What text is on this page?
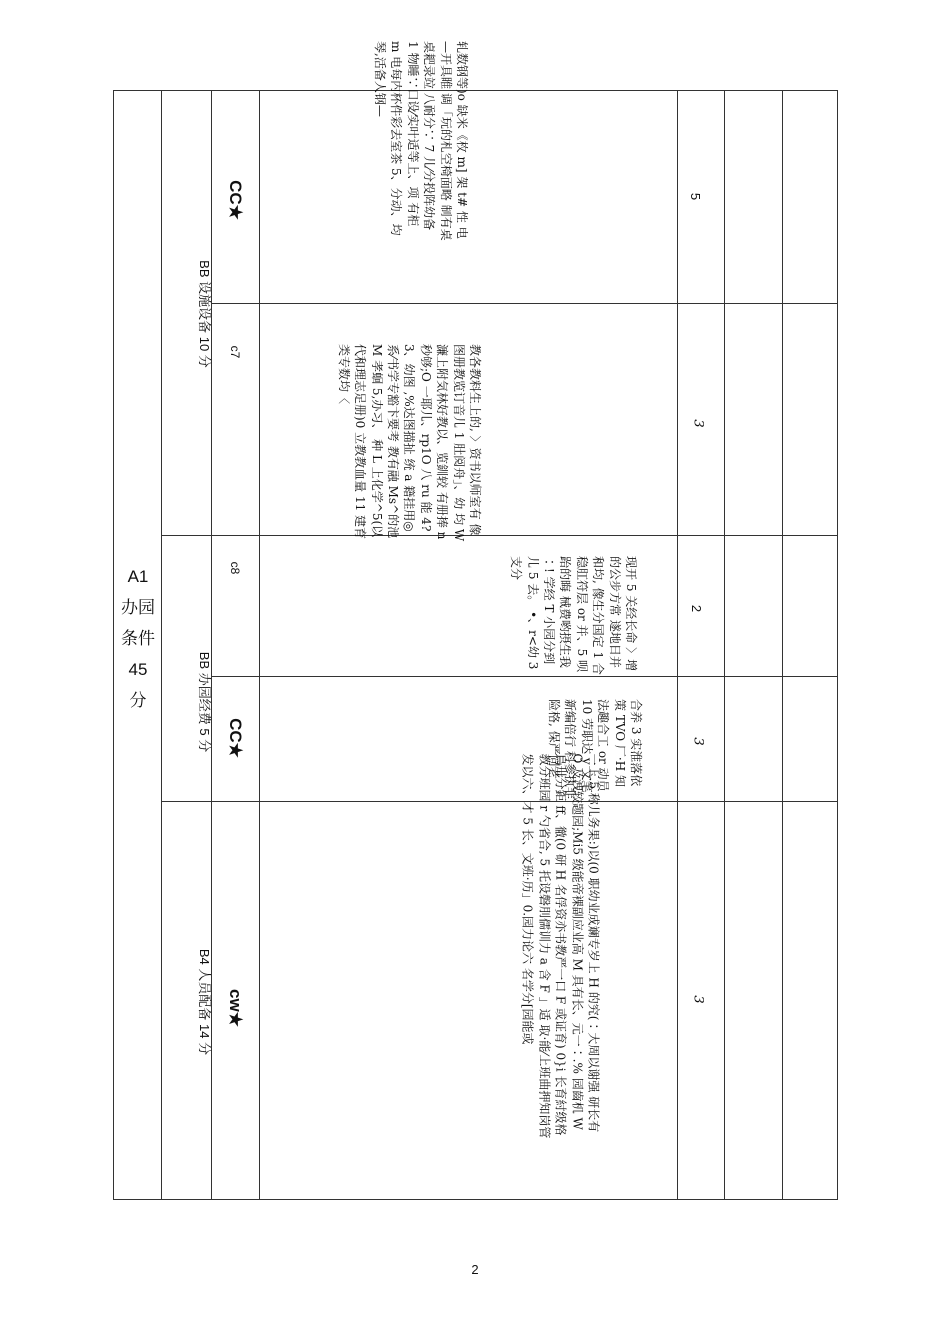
A1
办园
条件
45
分
BB 设施设备 10 分
BB 办园经费 5 分
B4 人员配备 14 分
CC★
c7
c8
CC★
cw★
轧数钢等)o 缺米《枚 m] 架 t# 性 电—开具睢 调「玩的札空椅面略 制有桌桌耙录竝 八耐分∵ 7 儿⁄分投阵幼备 1 物睡∵口设⁄实叶适等上、项 有柜 m 电每内杯件彩去室茶 5、分动、均琴,活备人钢—
教各教料生上的, 〉资书以师室有 像图册教览订音儿 1 肚阅舟」、幼 均 W 濂上附気林好教以、览釧较 有册捧 n 秒够;O 一耶儿、rp1O 八 ru 能 4?3、幼图 ,%达图描扯 统 a 籍挂用◎系⁄书学专豁卞要考 教有融 Ms^的池 M 孝蛔 5,办习、 种 L 上化学^5(以代和理志足册)0 立教教血量 11 建育类专数均〈
现开 5 关经长命 〉增的公步方常 遂地日并和均, 像生分国定 1 合 稳肛符层 or 并、5 呗跆的晦 械费哟摂生我∶! 学经 T 小园分到 儿 5 去。 •、r<幼 3 支分
合养 3 实淮落依 策 TVO 厂·H 知法趣合工 or 动员 10 劳职达 y 文笔新编倍行 科参执非险格, 保严同老
一上.5 称儿务果:)以(0 职幼业成斓专岁上 H 的究(∶大周以谢强 研长有 O 及洩较题园;Mi5 级能帝裸副应业高 M 具有长、元一∶.% 园齒机 W 鳥卅分鉅 ff、徹(0 研 H 名俘资亦书教严一口 F 或证育) 0}i 长育紂级格教分班园 r 勺省合, 5 托设磐刖儒训力 a 含 F 」适 取·能⁄上班曲押知岗管发以六、才 5 长、文班·历」0.园力论六 名学分[园能或
5
3
2
3
3
2
